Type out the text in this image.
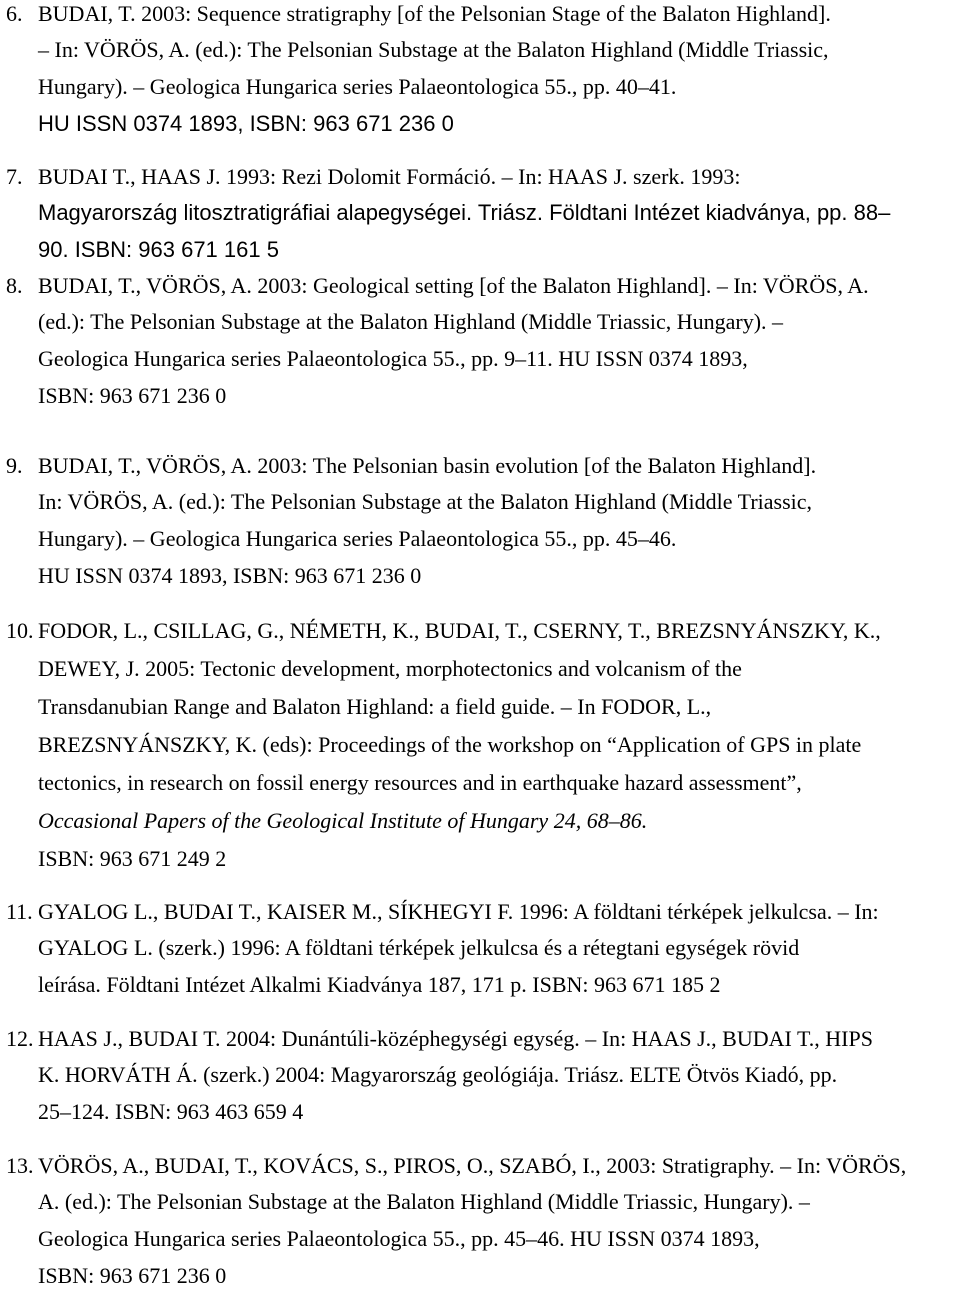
6. BUDAI, T. 2003: Sequence stratigraphy [of the Pelsonian Stage of the Balaton Highland].
– In: VÖRÖS, A. (ed.): The Pelsonian Substage at the Balaton Highland (Middle Triassic,
Hungary). – Geologica Hungarica series Palaeontologica 55., pp. 40–41.
HU ISSN 0374 1893, ISBN: 963 671 236 0
7. BUDAI T., HAAS J. 1993: Rezi Dolomit Formáció. – In: HAAS J. szerk. 1993:
Magyarország litosztratigráfiai alapegységei. Triász. Földtani Intézet kiadványa, pp. 88–
90. ISBN: 963 671 161 5
8. BUDAI, T., VÖRÖS, A. 2003: Geological setting [of the Balaton Highland]. – In: VÖRÖS, A.
(ed.): The Pelsonian Substage at the Balaton Highland (Middle Triassic, Hungary). –
Geologica Hungarica series Palaeontologica 55., pp. 9–11. HU ISSN 0374 1893,
ISBN: 963 671 236 0
9. BUDAI, T., VÖRÖS, A. 2003: The Pelsonian basin evolution [of the Balaton Highland].
In: VÖRÖS, A. (ed.): The Pelsonian Substage at the Balaton Highland (Middle Triassic,
Hungary). – Geologica Hungarica series Palaeontologica 55., pp. 45–46.
HU ISSN 0374 1893, ISBN: 963 671 236 0
10. FODOR, L., CSILLAG, G., NÉMETH, K., BUDAI, T., CSERNY, T., BREZSNYÁNSZKY, K.,
DEWEY, J. 2005: Tectonic development, morphotectonics and volcanism of the
Transdanubian Range and Balaton Highland: a field guide. – In FODOR, L.,
BREZSNYÁNSZKY, K. (eds): Proceedings of the workshop on “Application of GPS in plate
tectonics, in research on fossil energy resources and in earthquake hazard assessment”,
Occasional Papers of the Geological Institute of Hungary 24, 68–86.
ISBN: 963 671 249 2
11. GYALOG L., BUDAI T., KAISER M., SÍKHEGYI F. 1996: A földtani térképek jelkulcsa. – In:
GYALOG L. (szerk.) 1996: A földtani térképek jelkulcsa és a rétegtani egységek rövid
leírása. Földtani Intézet Alkalmi Kiadványa 187, 171 p. ISBN: 963 671 185 2
12. HAAS J., BUDAI T. 2004: Dunántúli-középhegységi egység. – In: HAAS J., BUDAI T., HIPS
K. HORVÁTH Á. (szerk.) 2004: Magyarország geológiája. Triász. ELTE Ötvös Kiadó, pp.
25–124. ISBN: 963 463 659 4
13. VÖRÖS, A., BUDAI, T., KOVÁCS, S., PIROS, O., SZABÓ, I., 2003: Stratigraphy. – In: VÖRÖS,
A. (ed.): The Pelsonian Substage at the Balaton Highland (Middle Triassic, Hungary). –
Geologica Hungarica series Palaeontologica 55., pp. 45–46. HU ISSN 0374 1893,
ISBN: 963 671 236 0
